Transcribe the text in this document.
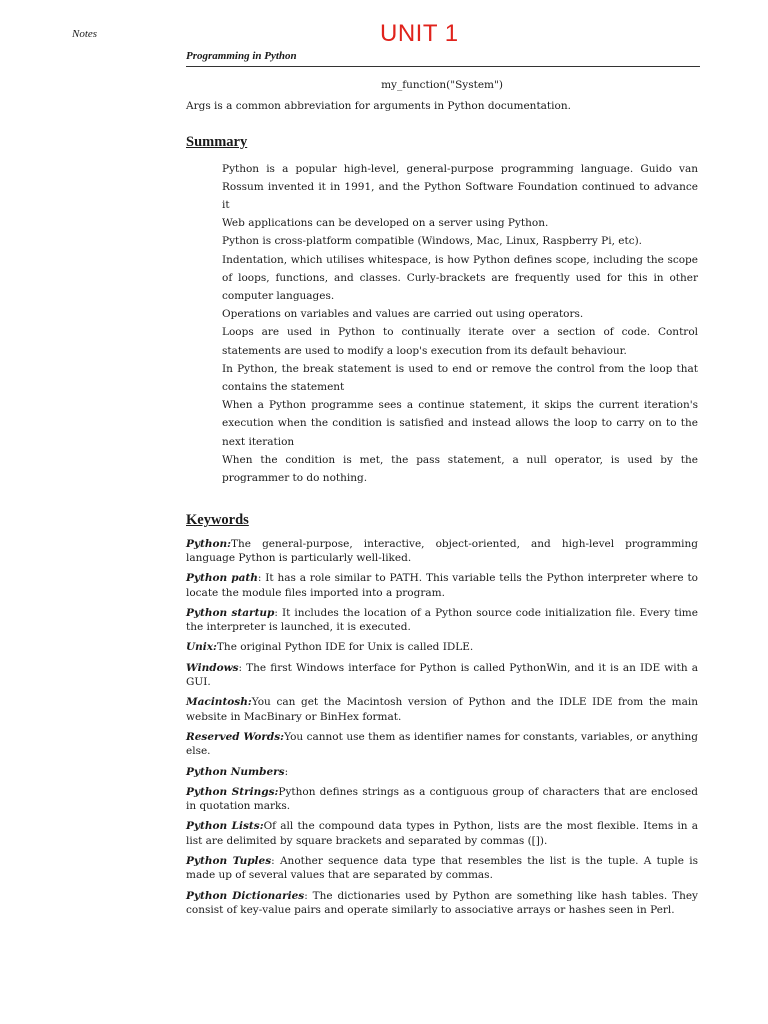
Notes	UNIT 1
Programming in Python

my_function("System")

Args is a common abbreviation for arguments in Python documentation.

Summary
Python is a popular high-level, general-purpose programming language. Guido van Rossum invented it in 1991, and the Python Software Foundation continued to advance it
Web applications can be developed on a server using Python.
Python is cross-platform compatible (Windows, Mac, Linux, Raspberry Pi, etc).
Indentation, which utilises whitespace, is how Python defines scope, including the scope of loops, functions, and classes. Curly-brackets are frequently used for this in other computer languages.
Operations on variables and values are carried out using operators.
Loops are used in Python to continually iterate over a section of code. Control statements are used to modify a loop's execution from its default behaviour.
In Python, the break statement is used to end or remove the control from the loop that contains the statement
When a Python programme sees a continue statement, it skips the current iteration's execution when the condition is satisfied and instead allows the loop to carry on to the next iteration
When the condition is met, the pass statement, a null operator, is used by the programmer to do nothing.
Keywords

Python:The general-purpose, interactive, object-oriented, and high-level programming language Python is particularly well-liked.

Python path: It has a role similar to PATH. This variable tells the Python interpreter where to locate the module files imported into a program.

Python startup: It includes the location of a Python source code initialization file. Every time the interpreter is launched, it is executed.

Unix:The original Python IDE for Unix is called IDLE.

Windows: The first Windows interface for Python is called PythonWin, and it is an IDE with a GUI.

Macintosh:You can get the Macintosh version of Python and the IDLE IDE from the main website in MacBinary or BinHex format.

Reserved Words:You cannot use them as identifier names for constants, variables, or anything else.

Python Numbers:

Python Strings:Python defines strings as a contiguous group of characters that are enclosed in quotation marks.

Python Lists:Of all the compound data types in Python, lists are the most flexible. Items in a list are delimited by square brackets and separated by commas ([]).

Python Tuples: Another sequence data type that resembles the list is the tuple. A tuple is made up of several values that are separated by commas.

Python Dictionaries: The dictionaries used by Python are something like hash tables. They consist of key-value pairs and operate similarly to associative arrays or hashes seen in Perl.
